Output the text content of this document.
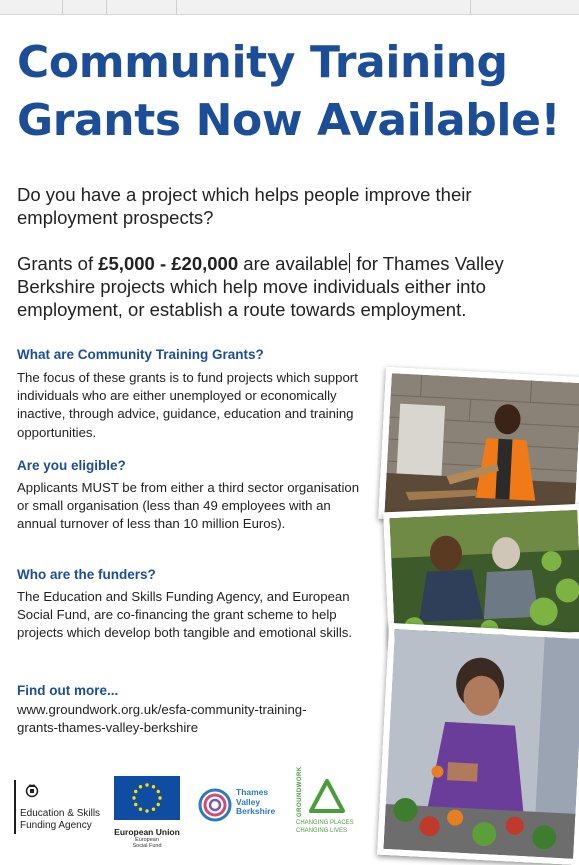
Community Training
Grants Now Available!

Do you have a project which helps people improve their employment prospects?

Grants of £5,000 - £20,000 are available for Thames Valley Berkshire projects which help move individuals either into employment, or establish a route towards employment.

What are Community Training Grants?

The focus of these grants is to fund projects which support individuals who are either unemployed or economically inactive, through advice, guidance, education and training opportunities.

Are you eligible?

Applicants MUST be from either a third sector organisation or small organisation (less than 49 employees with an annual turnover of less than 10 million Euros).

Who are the funders?

The Education and Skills Funding Agency, and European Social Fund, are co-financing the grant scheme to help projects which develop both tangible and emotional skills.

Find out more...

www.groundwork.org.uk/esfa-community-training-
grants-thames-valley-berkshire

Education & Skills
Funding Agency
European Union
European
Social Fund
Thames
Valley
Berkshire	GROUNDWORK
CHANGING PLACES
CHANGING LIVES
